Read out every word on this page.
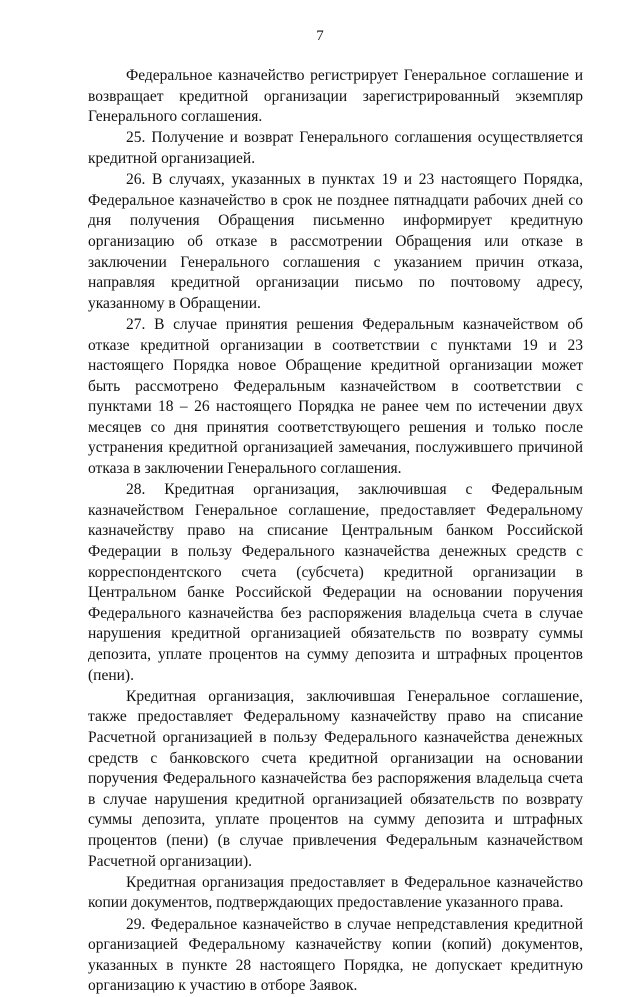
7

Федеральное казначейство регистрирует Генеральное соглашение и возвращает кредитной организации зарегистрированный экземпляр Генерального соглашения.

25. Получение и возврат Генерального соглашения осуществляется кредитной организацией.

26. В случаях, указанных в пунктах 19 и 23 настоящего Порядка, Федеральное казначейство в срок не позднее пятнадцати рабочих дней со дня получения Обращения письменно информирует кредитную организацию об отказе в рассмотрении Обращения или отказе в заключении Генерального соглашения с указанием причин отказа, направляя кредитной организации письмо по почтовому адресу, указанному в Обращении.

27. В случае принятия решения Федеральным казначейством об отказе кредитной организации в соответствии с пунктами 19 и 23 настоящего Порядка новое Обращение кредитной организации может быть рассмотрено Федеральным казначейством в соответствии с пунктами 18 – 26 настоящего Порядка не ранее чем по истечении двух месяцев со дня принятия соответствующего решения и только после устранения кредитной организацией замечания, послужившего причиной отказа в заключении Генерального соглашения.

28. Кредитная организация, заключившая с Федеральным казначейством Генеральное соглашение, предоставляет Федеральному казначейству право на списание Центральным банком Российской Федерации в пользу Федерального казначейства денежных средств с корреспондентского счета (субсчета) кредитной организации в Центральном банке Российской Федерации на основании поручения Федерального казначейства без распоряжения владельца счета в случае нарушения кредитной организацией обязательств по возврату суммы депозита, уплате процентов на сумму депозита и штрафных процентов (пени).

Кредитная организация, заключившая Генеральное соглашение, также предоставляет Федеральному казначейству право на списание Расчетной организацией в пользу Федерального казначейства денежных средств с банковского счета кредитной организации на основании поручения Федерального казначейства без распоряжения владельца счета в случае нарушения кредитной организацией обязательств по возврату суммы депозита, уплате процентов на сумму депозита и штрафных процентов (пени) (в случае привлечения Федеральным казначейством Расчетной организации).

Кредитная организация предоставляет в Федеральное казначейство копии документов, подтверждающих предоставление указанного права.

29. Федеральное казначейство в случае непредставления кредитной организацией Федеральному казначейству копии (копий) документов, указанных в пункте 28 настоящего Порядка, не допускает кредитную организацию к участию в отборе Заявок.
